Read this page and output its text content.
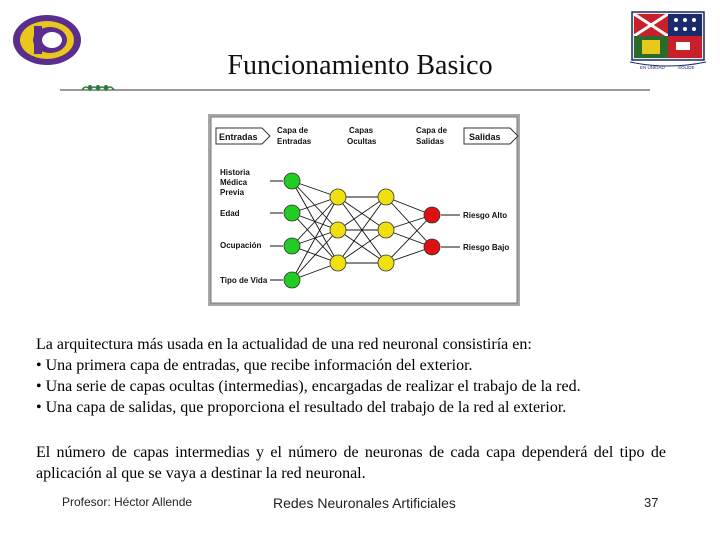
Funcionamiento Basico	EN UNIDAD	SOLIDE
Entradas	Salidas
Capa de
Entradas
Capas
Ocultas
Capa de
Salidas
Historia
Médica
Previa
Edad
Ocupación
Tipo de Vida
Riesgo Alto
Riesgo Bajo

La arquitectura más usada en la actualidad de una red neuronal consistiría en:

• Una primera capa de entradas, que recibe información del exterior.

• Una serie de capas ocultas (intermedias), encargadas de realizar el trabajo de la red.

• Una capa de salidas, que proporciona el resultado del trabajo de la red al exterior.

El número de capas intermedias y el número de neuronas de cada capa dependerá del tipo de aplicación al que se vaya a destinar la red neuronal.
Profesor: Héctor Allende	Redes Neuronales Artificiales	37
